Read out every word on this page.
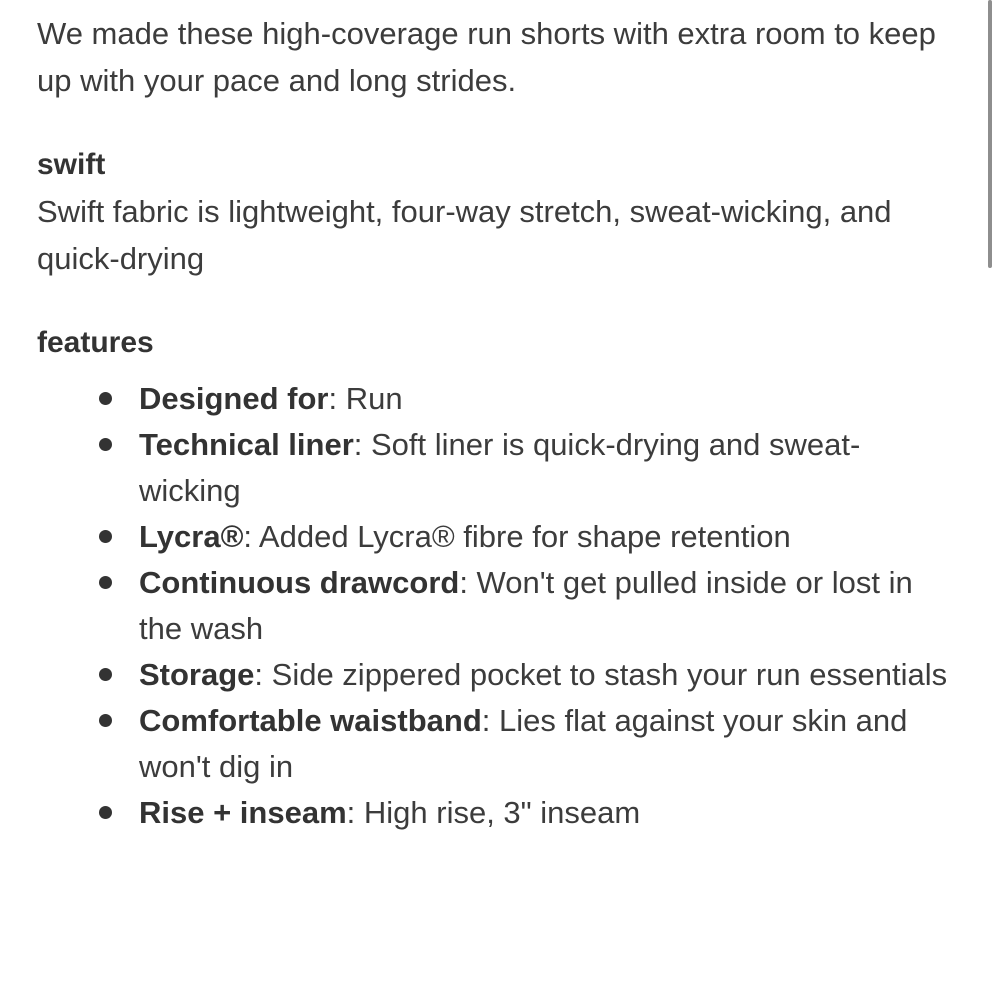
We made these high-coverage run shorts with extra room to keep up with your pace and long strides.

swift

Swift fabric is lightweight, four-way stretch, sweat-wicking, and quick-drying

features
Designed for: Run
Technical liner: Soft liner is quick-drying and sweat-wicking
Lycra®: Added Lycra® fibre for shape retention
Continuous drawcord: Won't get pulled inside or lost in the wash
Storage: Side zippered pocket to stash your run essentials
Comfortable waistband: Lies flat against your skin and won't dig in
Rise + inseam: High rise, 3" inseam
